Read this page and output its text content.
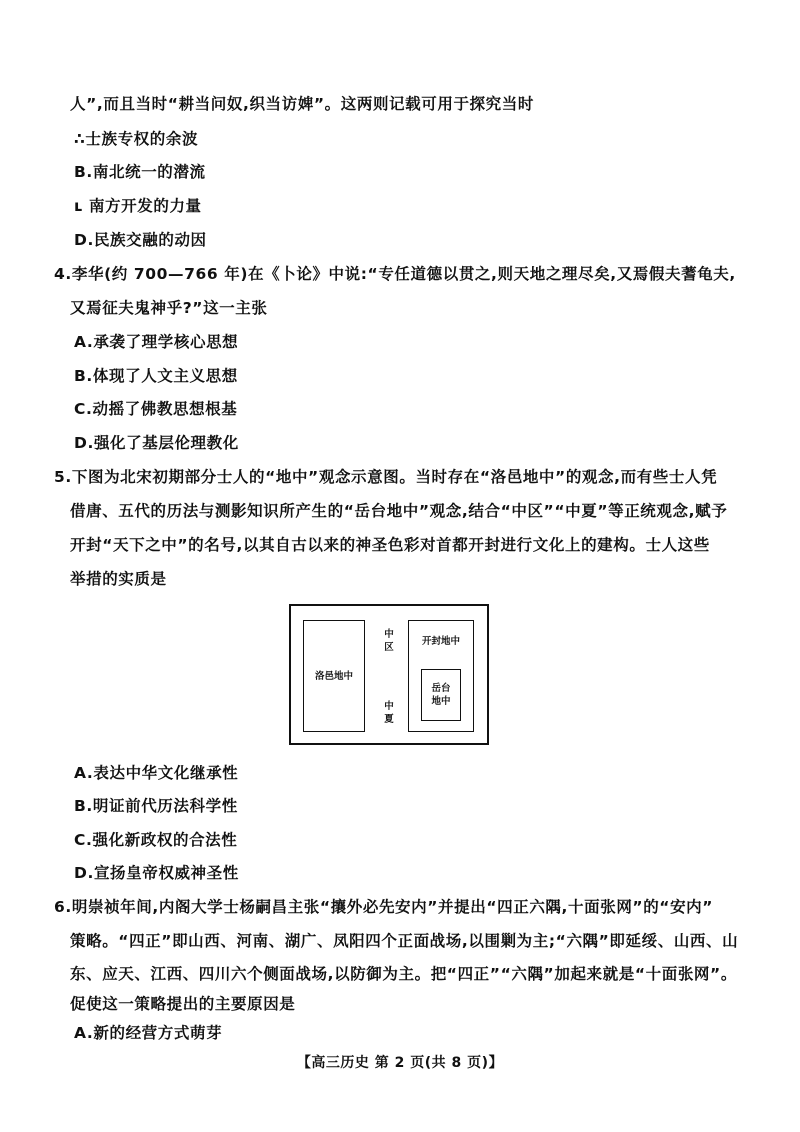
人”,而且当时“耕当问奴,织当访婢”。这两则记载可用于探究当时
∴士族专权的余波
B.南北统一的潜流
ʟ 南方开发的力量
D.民族交融的动因
4.李华(约 700—766 年)在《卜论》中说:“专任道德以贯之,则天地之理尽矣,又焉假夫蓍龟夫,
又焉征夫鬼神乎?”这一主张
A.承袭了理学核心思想
B.体现了人文主义思想
C.动摇了佛教思想根基
D.强化了基层伦理教化
5.下图为北宋初期部分士人的“地中”观念示意图。当时存在“洛邑地中”的观念,而有些士人凭
借唐、五代的历法与测影知识所产生的“岳台地中”观念,结合“中区”“中夏”等正统观念,赋予
开封“天下之中”的名号,以其自古以来的神圣色彩对首都开封进行文化上的建构。士人这些
举措的实质是
洛邑地中
中区
中夏
开封地中
岳台
地中
A.表达中华文化继承性
B.明证前代历法科学性
C.强化新政权的合法性
D.宣扬皇帝权威神圣性
6.明崇祯年间,内阁大学士杨嗣昌主张“攘外必先安内”并提出“四正六隅,十面张网”的“安内”
策略。“四正”即山西、河南、湖广、凤阳四个正面战场,以围剿为主;“六隅”即延绥、山西、山
东、应天、江西、四川六个侧面战场,以防御为主。把“四正”“六隅”加起来就是“十面张网”。
促使这一策略提出的主要原因是
A.新的经营方式萌芽
【高三历史 第 2 页(共 8 页)】
